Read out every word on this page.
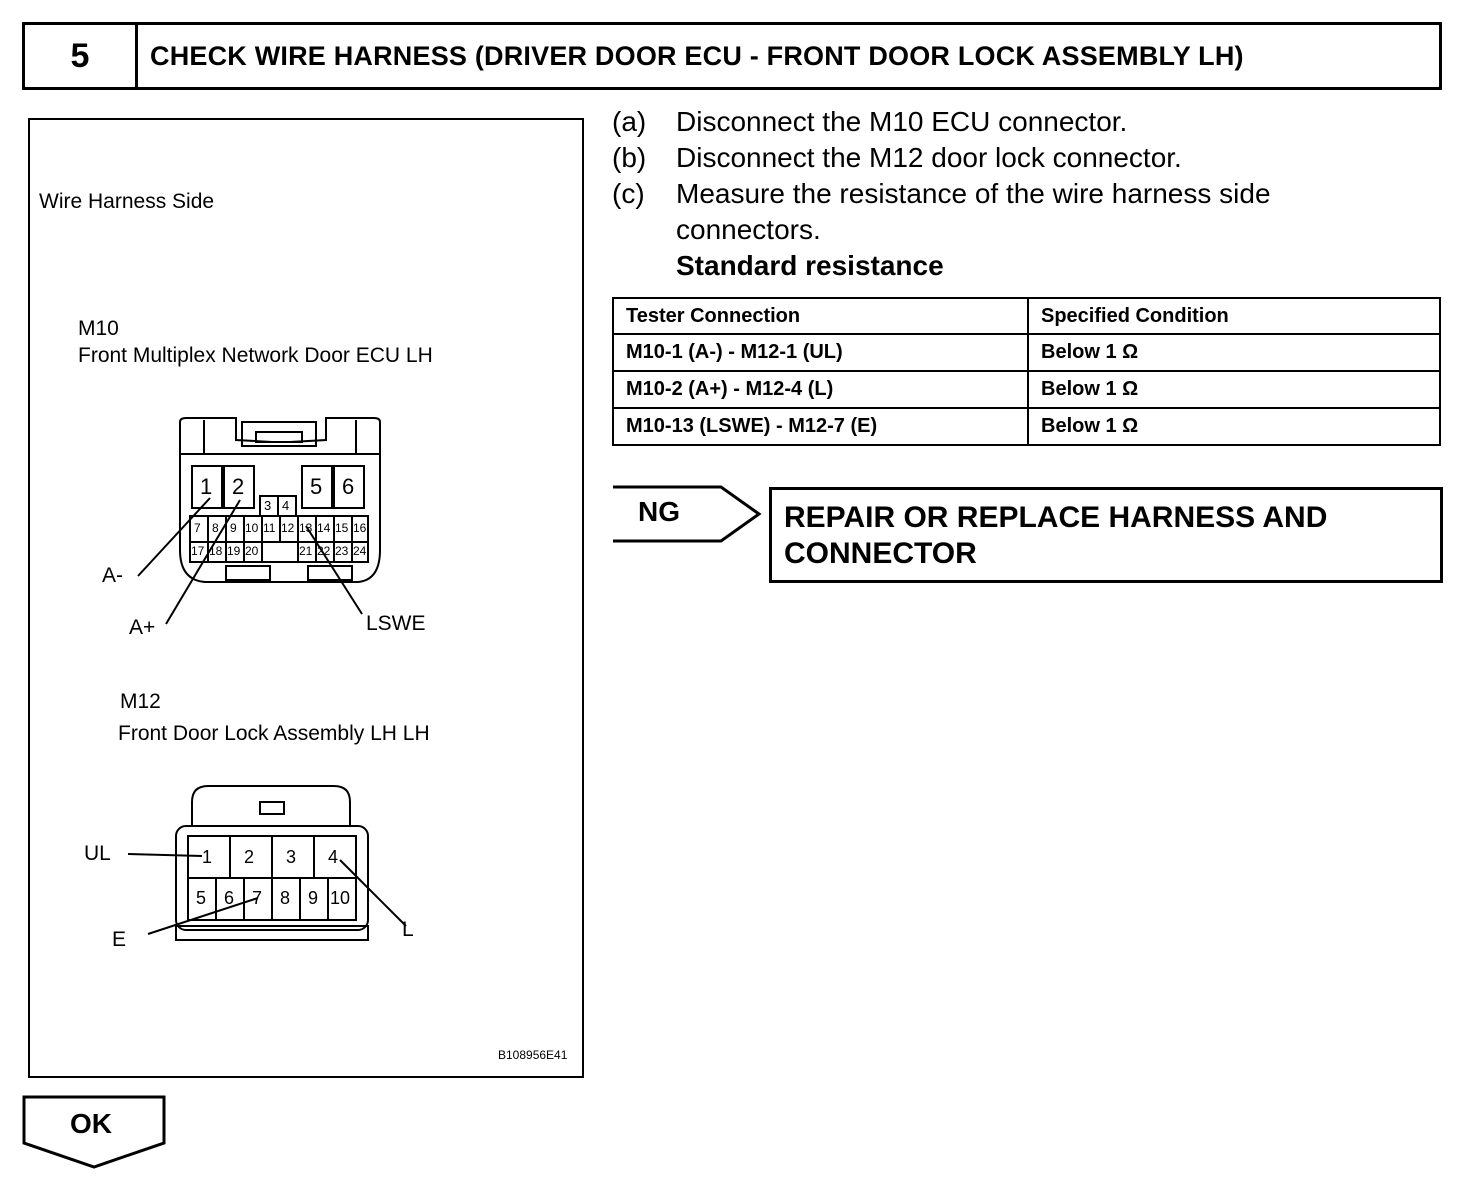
5	CHECK WIRE HARNESS (DRIVER DOOR ECU - FRONT DOOR LOCK ASSEMBLY LH)
Wire Harness Side
M10
Front Multiplex Network Door ECU LH
1 2	5 6
3 4
7 8 9 10 11 12 13 14 15 16
17 18 19 20	21 22 23 24
A-
A+	LSWE
M12
Front Door Lock Assembly LH LH
1 2 3 4
5 6 7 8 9 10
UL
E	L
B108956E41
(a)	Disconnect the M10 ECU connector.
(b)	Disconnect the M12 door lock connector.
(c)	Measure the resistance of the wire harness side connectors.
Standard resistance
Tester Connection	Specified Condition
M10-1 (A-) - M12-1 (UL)	Below 1 Ω
M10-2 (A+) - M12-4 (L)	Below 1 Ω
M10-13 (LSWE) - M12-7 (E)	Below 1 Ω
NG	REPAIR OR REPLACE HARNESS AND CONNECTOR
OK
